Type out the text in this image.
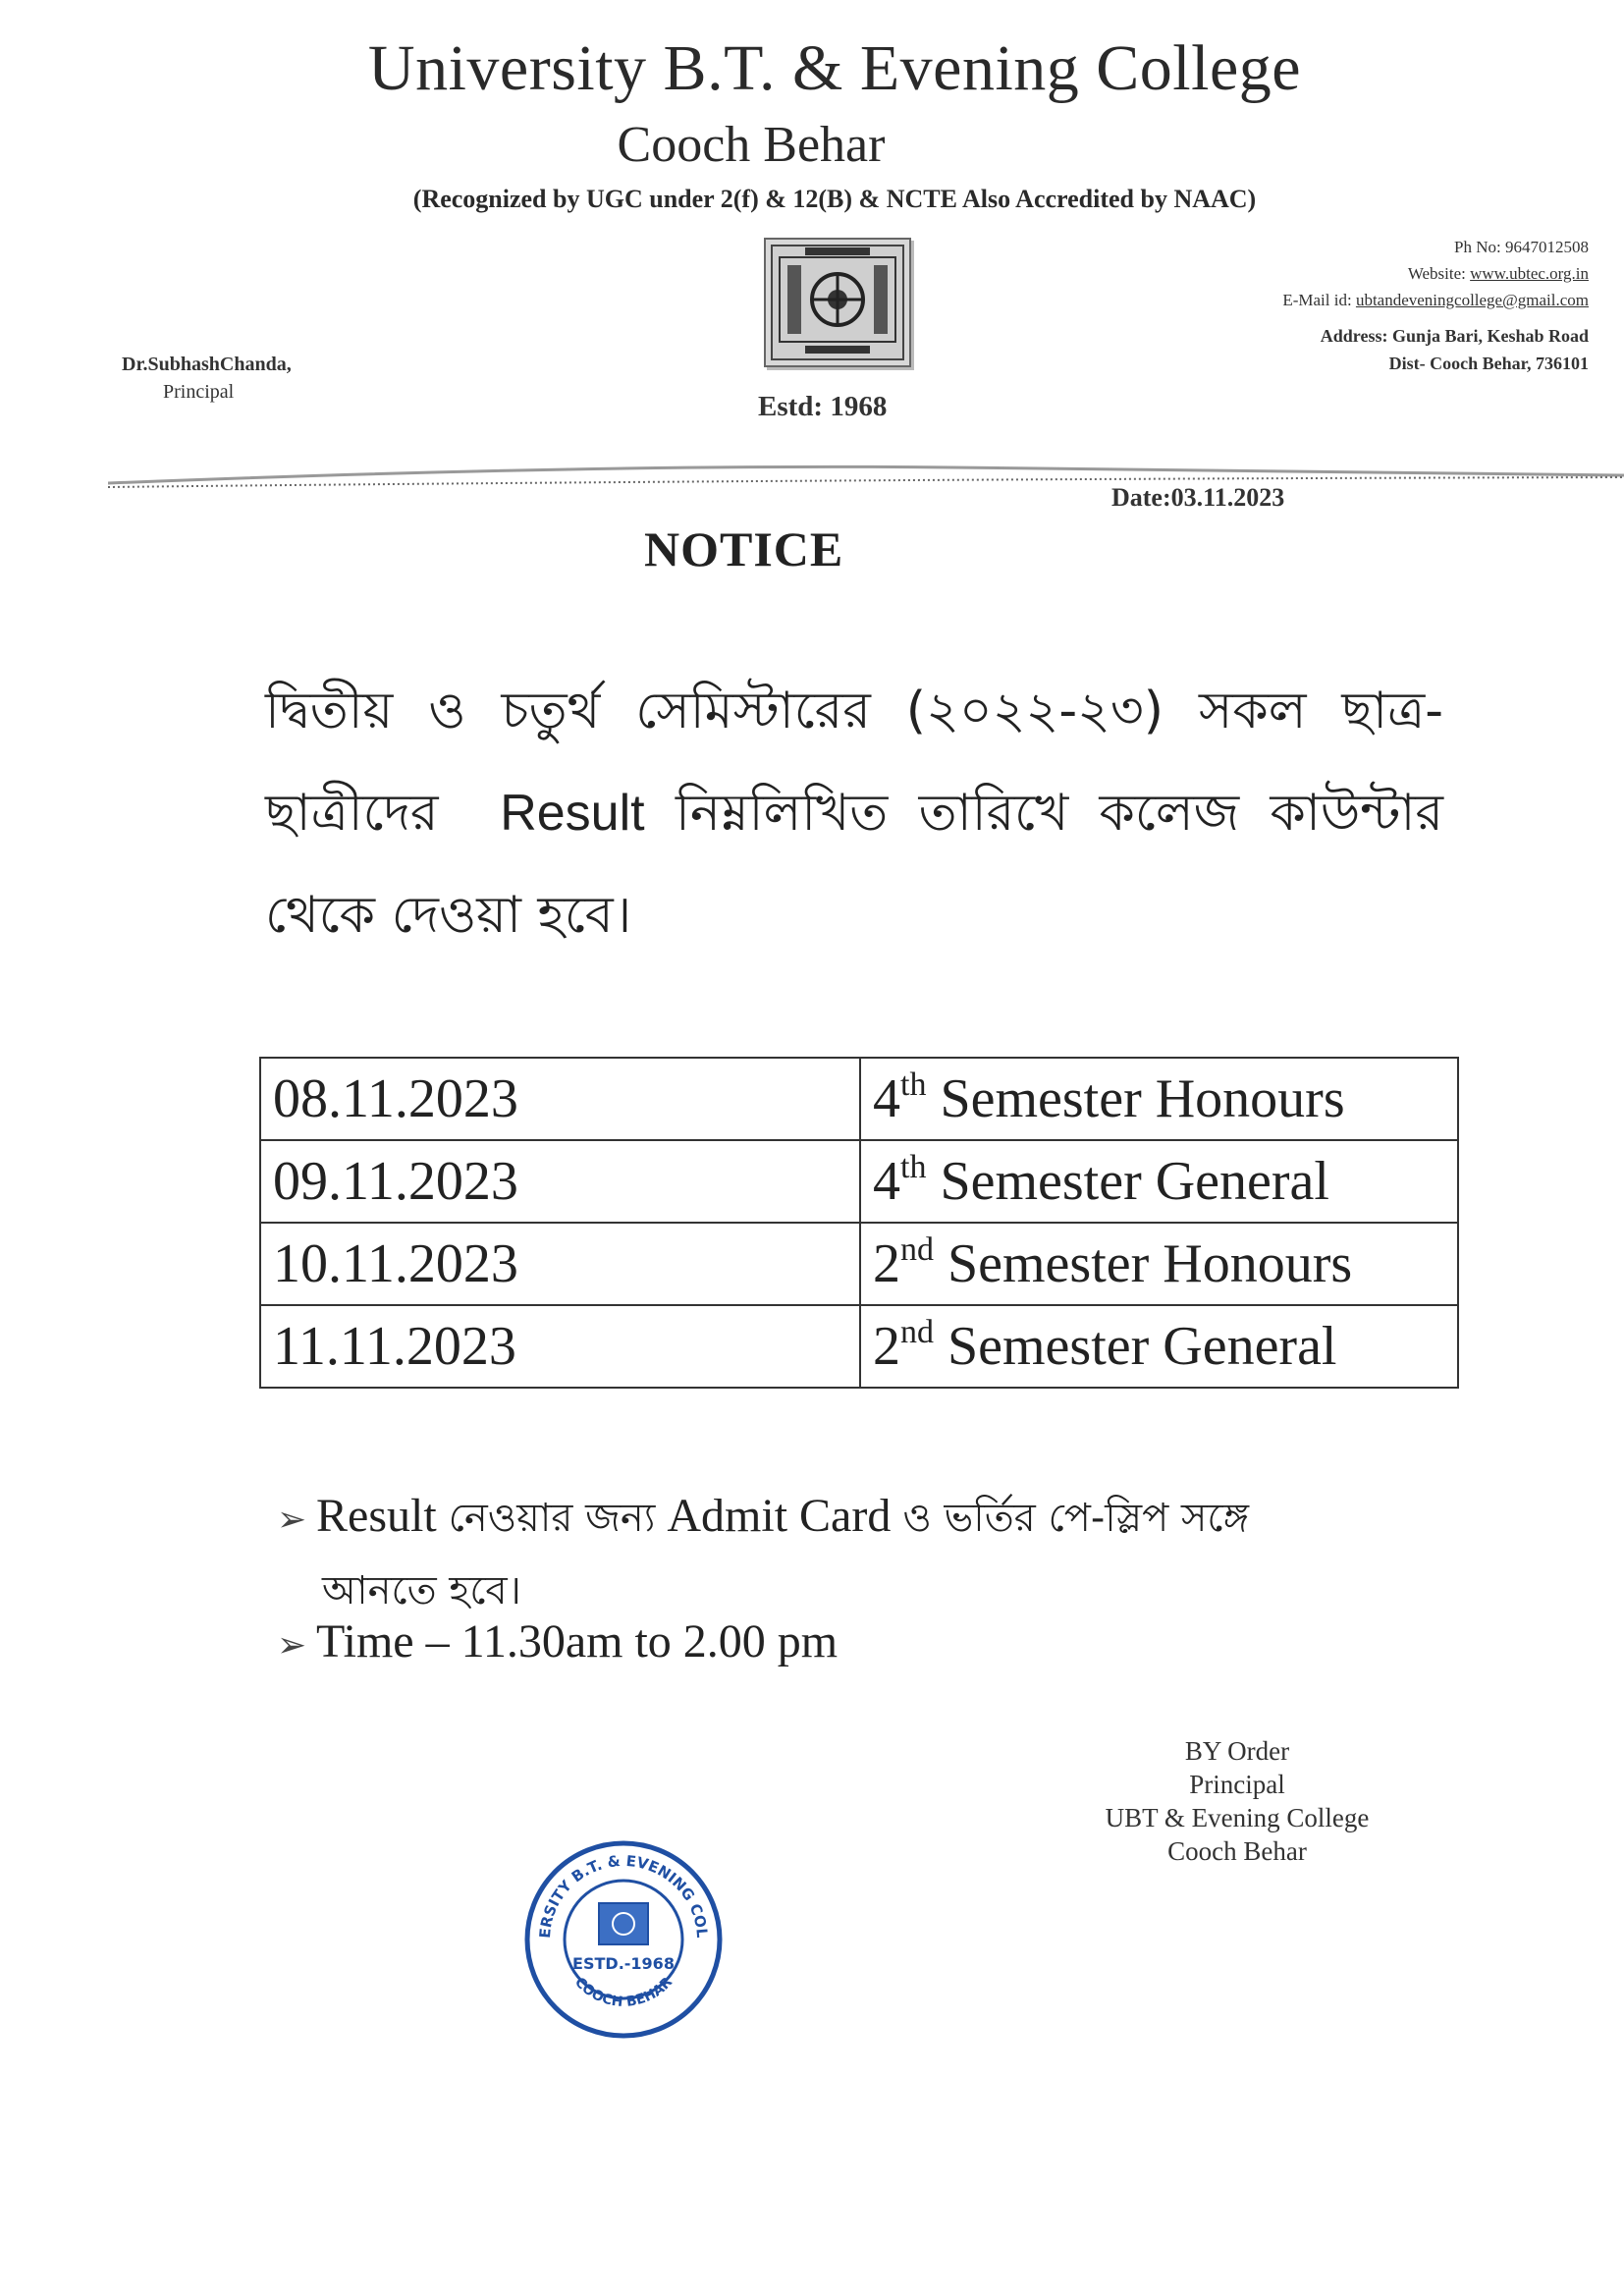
University B.T. & Evening College
Cooch Behar
(Recognized by UGC under 2(f) & 12(B) & NCTE Also Accredited by NAAC)
Ph No: 9647012508
Website: www.ubtec.org.in
E-Mail id: ubtandeveningcollege@gmail.com
Address: Gunja Bari, Keshab Road
Dist- Cooch Behar, 736101
Dr.SubhashChanda,
Principal	Estd: 1968
Date:03.11.2023
NOTICE
দ্বিতীয় ও চতুর্থ সেমিস্টারের (২০২২-২৩) সকল ছাত্র-ছাত্রীদের Result নিম্নলিখিত তারিখে কলেজ কাউন্টার থেকে দেওয়া হবে।
08.11.2023	4th Semester Honours
09.11.2023	4th Semester General
10.11.2023	2nd Semester Honours
11.11.2023	2nd Semester General
➢ Result নেওয়ার জন্য Admit Card ও ভর্তির পে-স্লিপ সঙ্গে
আনতে হবে।
➢ Time – 11.30am to 2.00 pm
BY Order
Principal
UBT & Evening College
Cooch Behar
ERSITY B.T. & EVENING COL
COOCH BEHAR
ESTD.-1968
